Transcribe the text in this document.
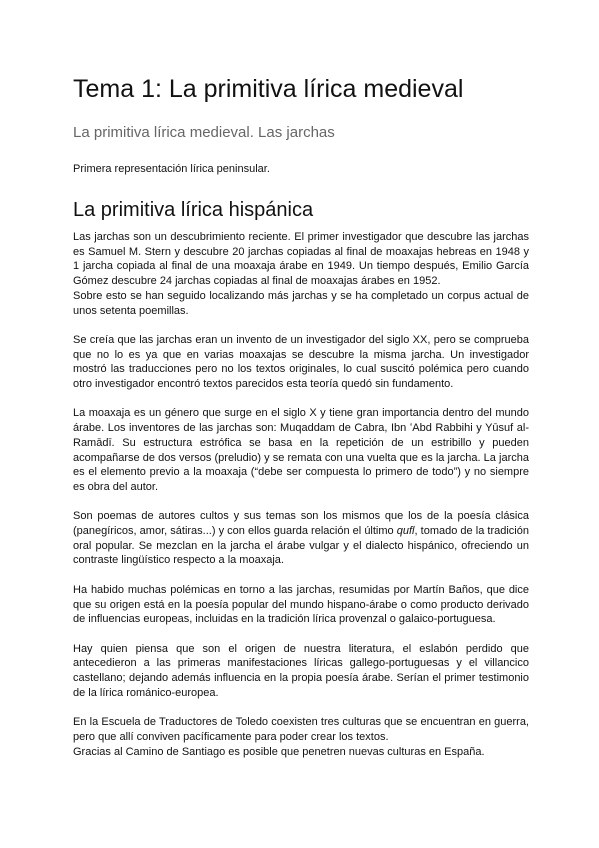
Tema 1: La primitiva lírica medieval
La primitiva lírica medieval. Las jarchas

Primera representación lírica peninsular.

La primitiva lírica hispánica

Las jarchas son un descubrimiento reciente. El primer investigador que descubre las jarchas es Samuel M. Stern y descubre 20 jarchas copiadas al final de moaxajas hebreas en 1948 y 1 jarcha copiada al final de una moaxaja árabe en 1949. Un tiempo después, Emilio García Gómez descubre 24 jarchas copiadas al final de moaxajas árabes en 1952.

Sobre esto se han seguido localizando más jarchas y se ha completado un corpus actual de unos setenta poemillas.

Se creía que las jarchas eran un invento de un investigador del siglo XX, pero se comprueba que no lo es ya que en varias moaxajas se descubre la misma jarcha. Un investigador mostró las traducciones pero no los textos originales, lo cual suscitó polémica pero cuando otro investigador encontró textos parecidos esta teoría quedó sin fundamento.

La moaxaja es un género que surge en el siglo X y tiene gran importancia dentro del mundo árabe. Los inventores de las jarchas son: Muqaddam de Cabra, Ibn ʻAbd Rabbihi y Yūsuf al-Ramādī. Su estructura estrófica se basa en la repetición de un estribillo y pueden acompañarse de dos versos (preludio) y se remata con una vuelta que es la jarcha. La jarcha es el elemento previo a la moaxaja (“debe ser compuesta lo primero de todo”) y no siempre es obra del autor.

Son poemas de autores cultos y sus temas son los mismos que los de la poesía clásica (panegíricos, amor, sátiras...) y con ellos guarda relación el último qufl, tomado de la tradición oral popular. Se mezclan en la jarcha el árabe vulgar y el dialecto hispánico, ofreciendo un contraste lingüístico respecto a la moaxaja.

Ha habido muchas polémicas en torno a las jarchas, resumidas por Martín Baños, que dice que su origen está en la poesía popular del mundo hispano-árabe o como producto derivado de influencias europeas, incluidas en la tradición lírica provenzal o galaico-portuguesa.

Hay quien piensa que son el origen de nuestra literatura, el eslabón perdido que antecedieron a las primeras manifestaciones líricas gallego-portuguesas y el villancico castellano; dejando además influencia en la propia poesía árabe. Serían el primer testimonio de la lírica románico-europea.

En la Escuela de Traductores de Toledo coexisten tres culturas que se encuentran en guerra, pero que allí conviven pacíficamente para poder crear los textos.

Gracias al Camino de Santiago es posible que penetren nuevas culturas en España.
